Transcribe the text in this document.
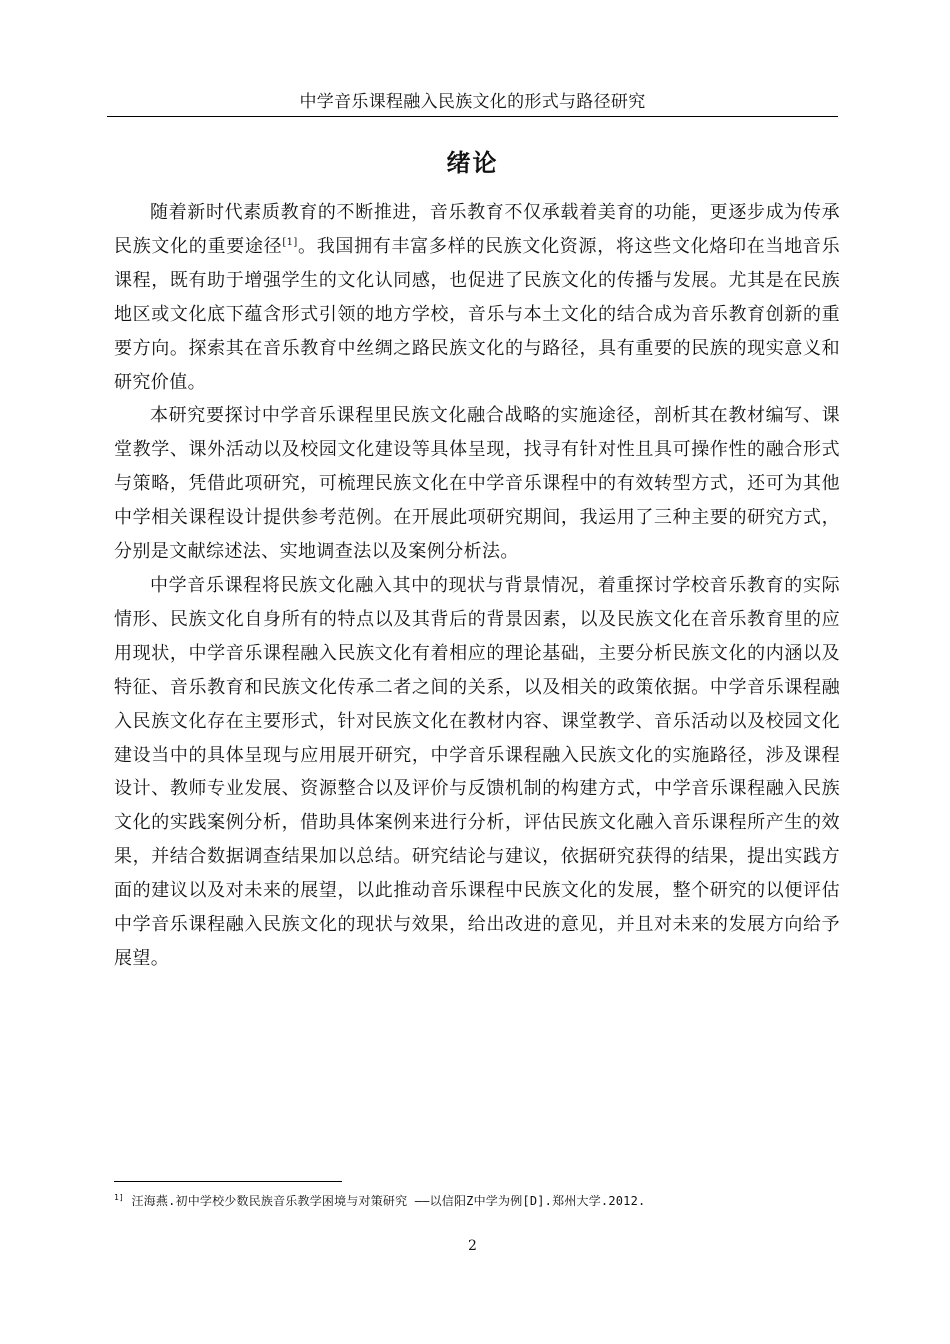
中学音乐课程融入民族文化的形式与路径研究
绪论

随着新时代素质教育的不断推进，音乐教育不仅承载着美育的功能，更逐步成为传承民族文化的重要途径[1]。我国拥有丰富多样的民族文化资源，将这些文化烙印在当地音乐课程，既有助于增强学生的文化认同感，也促进了民族文化的传播与发展。尤其是在民族地区或文化底下蕴含形式引领的地方学校，音乐与本土文化的结合成为音乐教育创新的重要方向。探索其在音乐教育中丝绸之路民族文化的与路径，具有重要的民族的现实意义和研究价值。

本研究要探讨中学音乐课程里民族文化融合战略的实施途径，剖析其在教材编写、课堂教学、课外活动以及校园文化建设等具体呈现，找寻有针对性且具可操作性的融合形式与策略，凭借此项研究，可梳理民族文化在中学音乐课程中的有效转型方式，还可为其他中学相关课程设计提供参考范例。在开展此项研究期间，我运用了三种主要的研究方式，分别是文献综述法、实地调查法以及案例分析法。

中学音乐课程将民族文化融入其中的现状与背景情况，着重探讨学校音乐教育的实际情形、民族文化自身所有的特点以及其背后的背景因素，以及民族文化在音乐教育里的应用现状，中学音乐课程融入民族文化有着相应的理论基础，主要分析民族文化的内涵以及特征、音乐教育和民族文化传承二者之间的关系，以及相关的政策依据。中学音乐课程融入民族文化存在主要形式，针对民族文化在教材内容、课堂教学、音乐活动以及校园文化建设当中的具体呈现与应用展开研究，中学音乐课程融入民族文化的实施路径，涉及课程设计、教师专业发展、资源整合以及评价与反馈机制的构建方式，中学音乐课程融入民族文化的实践案例分析，借助具体案例来进行分析，评估民族文化融入音乐课程所产生的效果，并结合数据调查结果加以总结。研究结论与建议，依据研究获得的结果，提出实践方面的建议以及对未来的展望，以此推动音乐课程中民族文化的发展，整个研究的以便评估中学音乐课程融入民族文化的现状与效果，给出改进的意见，并且对未来的发展方向给予展望。

$^{1]}$ 汪海燕.初中学校少数民族音乐教学困境与对策研究 ——以信阳Z中学为例[D].郑州大学.2012.
2
